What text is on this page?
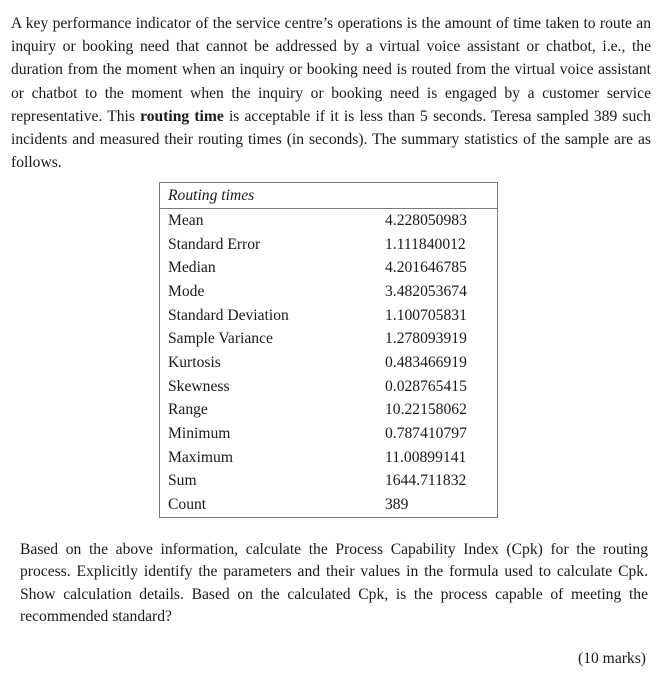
A key performance indicator of the service centre’s operations is the amount of time taken to route an inquiry or booking need that cannot be addressed by a virtual voice assistant or chatbot, i.e., the duration from the moment when an inquiry or booking need is routed from the virtual voice assistant or chatbot to the moment when the inquiry or booking need is engaged by a customer service representative. This routing time is acceptable if it is less than 5 seconds. Teresa sampled 389 such incidents and measured their routing times (in seconds). The summary statistics of the sample are as follows.

Routing times	
Mean	4.228050983
Standard Error	1.111840012
Median	4.201646785
Mode	3.482053674
Standard Deviation	1.100705831
Sample Variance	1.278093919
Kurtosis	0.483466919
Skewness	0.028765415
Range	10.22158062
Minimum	0.787410797
Maximum	11.00899141
Sum	1644.711832
Count	389

Based on the above information, calculate the Process Capability Index (Cpk) for the routing process. Explicitly identify the parameters and their values in the formula used to calculate Cpk. Show calculation details. Based on the calculated Cpk, is the process capable of meeting the recommended standard?

(10 marks)
